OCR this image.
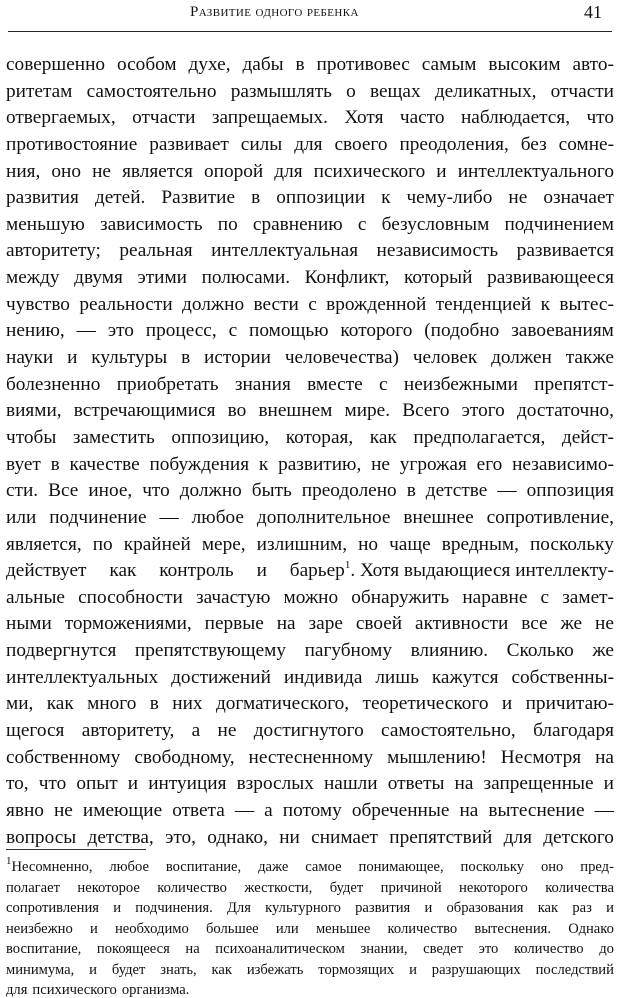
Развитие одного ребенка	41
совершенно особом духе, дабы в противовес самым высоким авто-
ритетам самостоятельно размышлять о вещах деликатных, отчасти
отвергаемых, отчасти запрещаемых. Хотя часто наблюдается, что
противостояние развивает силы для своего преодоления, без сомне-
ния, оно не является опорой для психического и интеллектуального
развития детей. Развитие в оппозиции к чему-либо не означает
меньшую зависимость по сравнению с безусловным подчинением
авторитету; реальная интеллектуальная независимость развивается
между двумя этими полюсами. Конфликт, который развивающееся
чувство реальности должно вести с врожденной тенденцией к вытес-
нению, — это процесс, с помощью которого (подобно завоеваниям
науки и культуры в истории человечества) человек должен также
болезненно приобретать знания вместе с неизбежными препятст-
виями, встречающимися во внешнем мире. Всего этого достаточно,
чтобы заместить оппозицию, которая, как предполагается, дейст-
вует в качестве побуждения к развитию, не угрожая его независимо-
сти. Все иное, что должно быть преодолено в детстве — оппозиция
или подчинение — любое дополнительное внешнее сопротивление,
является, по крайней мере, излишним, но чаще вредным, поскольку
действует как контроль и барьер$^1$. Хотя выдающиеся интеллекту-
альные способности зачастую можно обнаружить наравне с замет-
ными торможениями, первые на заре своей активности все же не
подвергнутся препятствующему пагубному влиянию. Сколько же
интеллектуальных достижений индивида лишь кажутся собственны-
ми, как много в них догматического, теоретического и причитаю-
щегося авторитету, а не достигнутого самостоятельно, благодаря
собственному свободному, нестесненному мышлению! Несмотря на
то, что опыт и интуиция взрослых нашли ответы на запрещенные и
явно не имеющие ответа — а потому обреченные на вытеснение —
вопросы детства, это, однако, ни снимает препятствий для детского
$^1$Несомненно, любое воспитание, даже самое понимающее, поскольку оно пред-
полагает некоторое количество жесткости, будет причиной некоторого количества
сопротивления и подчинения. Для культурного развития и образования как раз и
неизбежно и необходимо большее или меньшее количество вытеснения. Однако
воспитание, покоящееся на психоаналитическом знании, сведет это количество до
минимума, и будет знать, как избежать тормозящих и разрушающих последствий
для психического организма.
